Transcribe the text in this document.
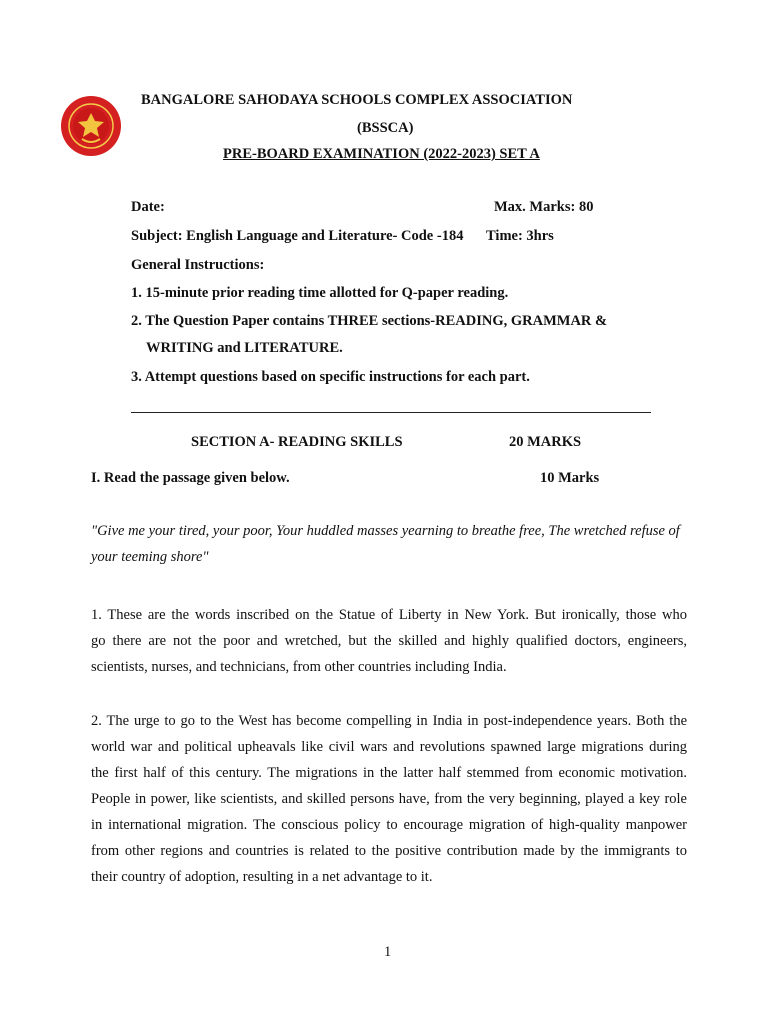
BANGALORE SAHODAYA SCHOOLS COMPLEX ASSOCIATION
(BSSCA)
PRE-BOARD EXAMINATION (2022-2023) SET A
Date:	Max. Marks: 80
Subject: English Language and Literature- Code -184 Time: 3hrs
General Instructions:
1. 15-minute prior reading time allotted for Q-paper reading.
2. The Question Paper contains THREE sections-READING, GRAMMAR &
WRITING and LITERATURE.
3. Attempt questions based on specific instructions for each part.
SECTION A- READING SKILLS	20 MARKS
I. Read the passage given below.	10 Marks
"Give me your tired, your poor, Your huddled masses yearning to breathe free, The wretched refuse of your teeming shore"
1. These are the words inscribed on the Statue of Liberty in New York. But ironically, those who
go there are not the poor and wretched, but the skilled and highly qualified doctors, engineers,
scientists, nurses, and technicians, from other countries including India.
2. The urge to go to the West has become compelling in India in post-independence years. Both the
world war and political upheavals like civil wars and revolutions spawned large migrations during
the first half of this century. The migrations in the latter half stemmed from economic motivation.
People in power, like scientists, and skilled persons have, from the very beginning, played a key role
in international migration. The conscious policy to encourage migration of high-quality manpower
from other regions and countries is related to the positive contribution made by the immigrants to
their country of adoption, resulting in a net advantage to it.
1
